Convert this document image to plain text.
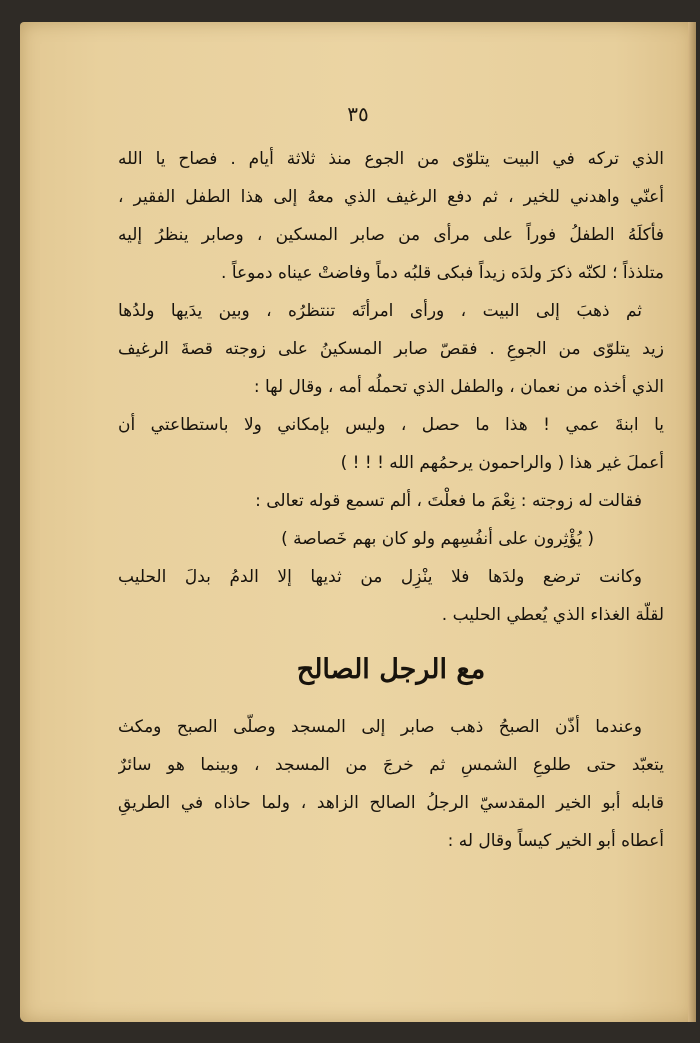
٣٥
الذي تركه في البيت يتلوّى من الجوع منذ ثلاثة أيام . فصاح يا الله
أعنّي واهدني للخير ، ثم دفع الرغيف الذي معهُ إلى هذا الطفل الفقير ،
فأكلَهُ الطفلُ فوراً على مرأى من صابر المسكين ، وصابر ينظرُ إليه
متلذذاً ؛ لكنّه ذكرَ ولدَه زيداً فبكى قلبُه دماً وفاضتْ عيناه دموعاً .
ثم ذهبَ إلى البيت ، ورأى امرأتَه تنتظرُه ، وبين يدَيها ولدُها
زيد يتلوّى من الجوعِ . فقصّ صابر المسكينُ على زوجته قصةَ الرغيف
الذي أخذه من نعمان ، والطفل الذي تحملُه أمه ، وقال لها :
يا ابنةَ عمي ! هذا ما حصل ، وليس بإمكاني ولا باستطاعتي أن
أعملَ غير هذا ( والراحمون يرحمُهم الله ! ! ! )
فقالت له زوجته : نِعْمَ ما فعلْتَ ، ألم تسمع قوله تعالى :
( يُؤْثِرون على أنفُسِهم ولو كان بهم خَصاصة )
وكانت ترضع ولدَها فلا ينْزِل من ثديها إلا الدمُ بدلَ الحليب
لقلّة الغذاء الذي يُعطي الحليب .
مع الرجل الصالح
وعندما أذّن الصبحُ ذهب صابر إلى المسجد وصلّى الصبح ومكث
يتعبّد حتى طلوعِ الشمسِ ثم خرجَ من المسجد ، وبينما هو سائرٌ
قابله أبو الخير المقدسيّ الرجلُ الصالح الزاهد ، ولما حاذاه في الطريقِ
أعطاه أبو الخير كيساً وقال له :
